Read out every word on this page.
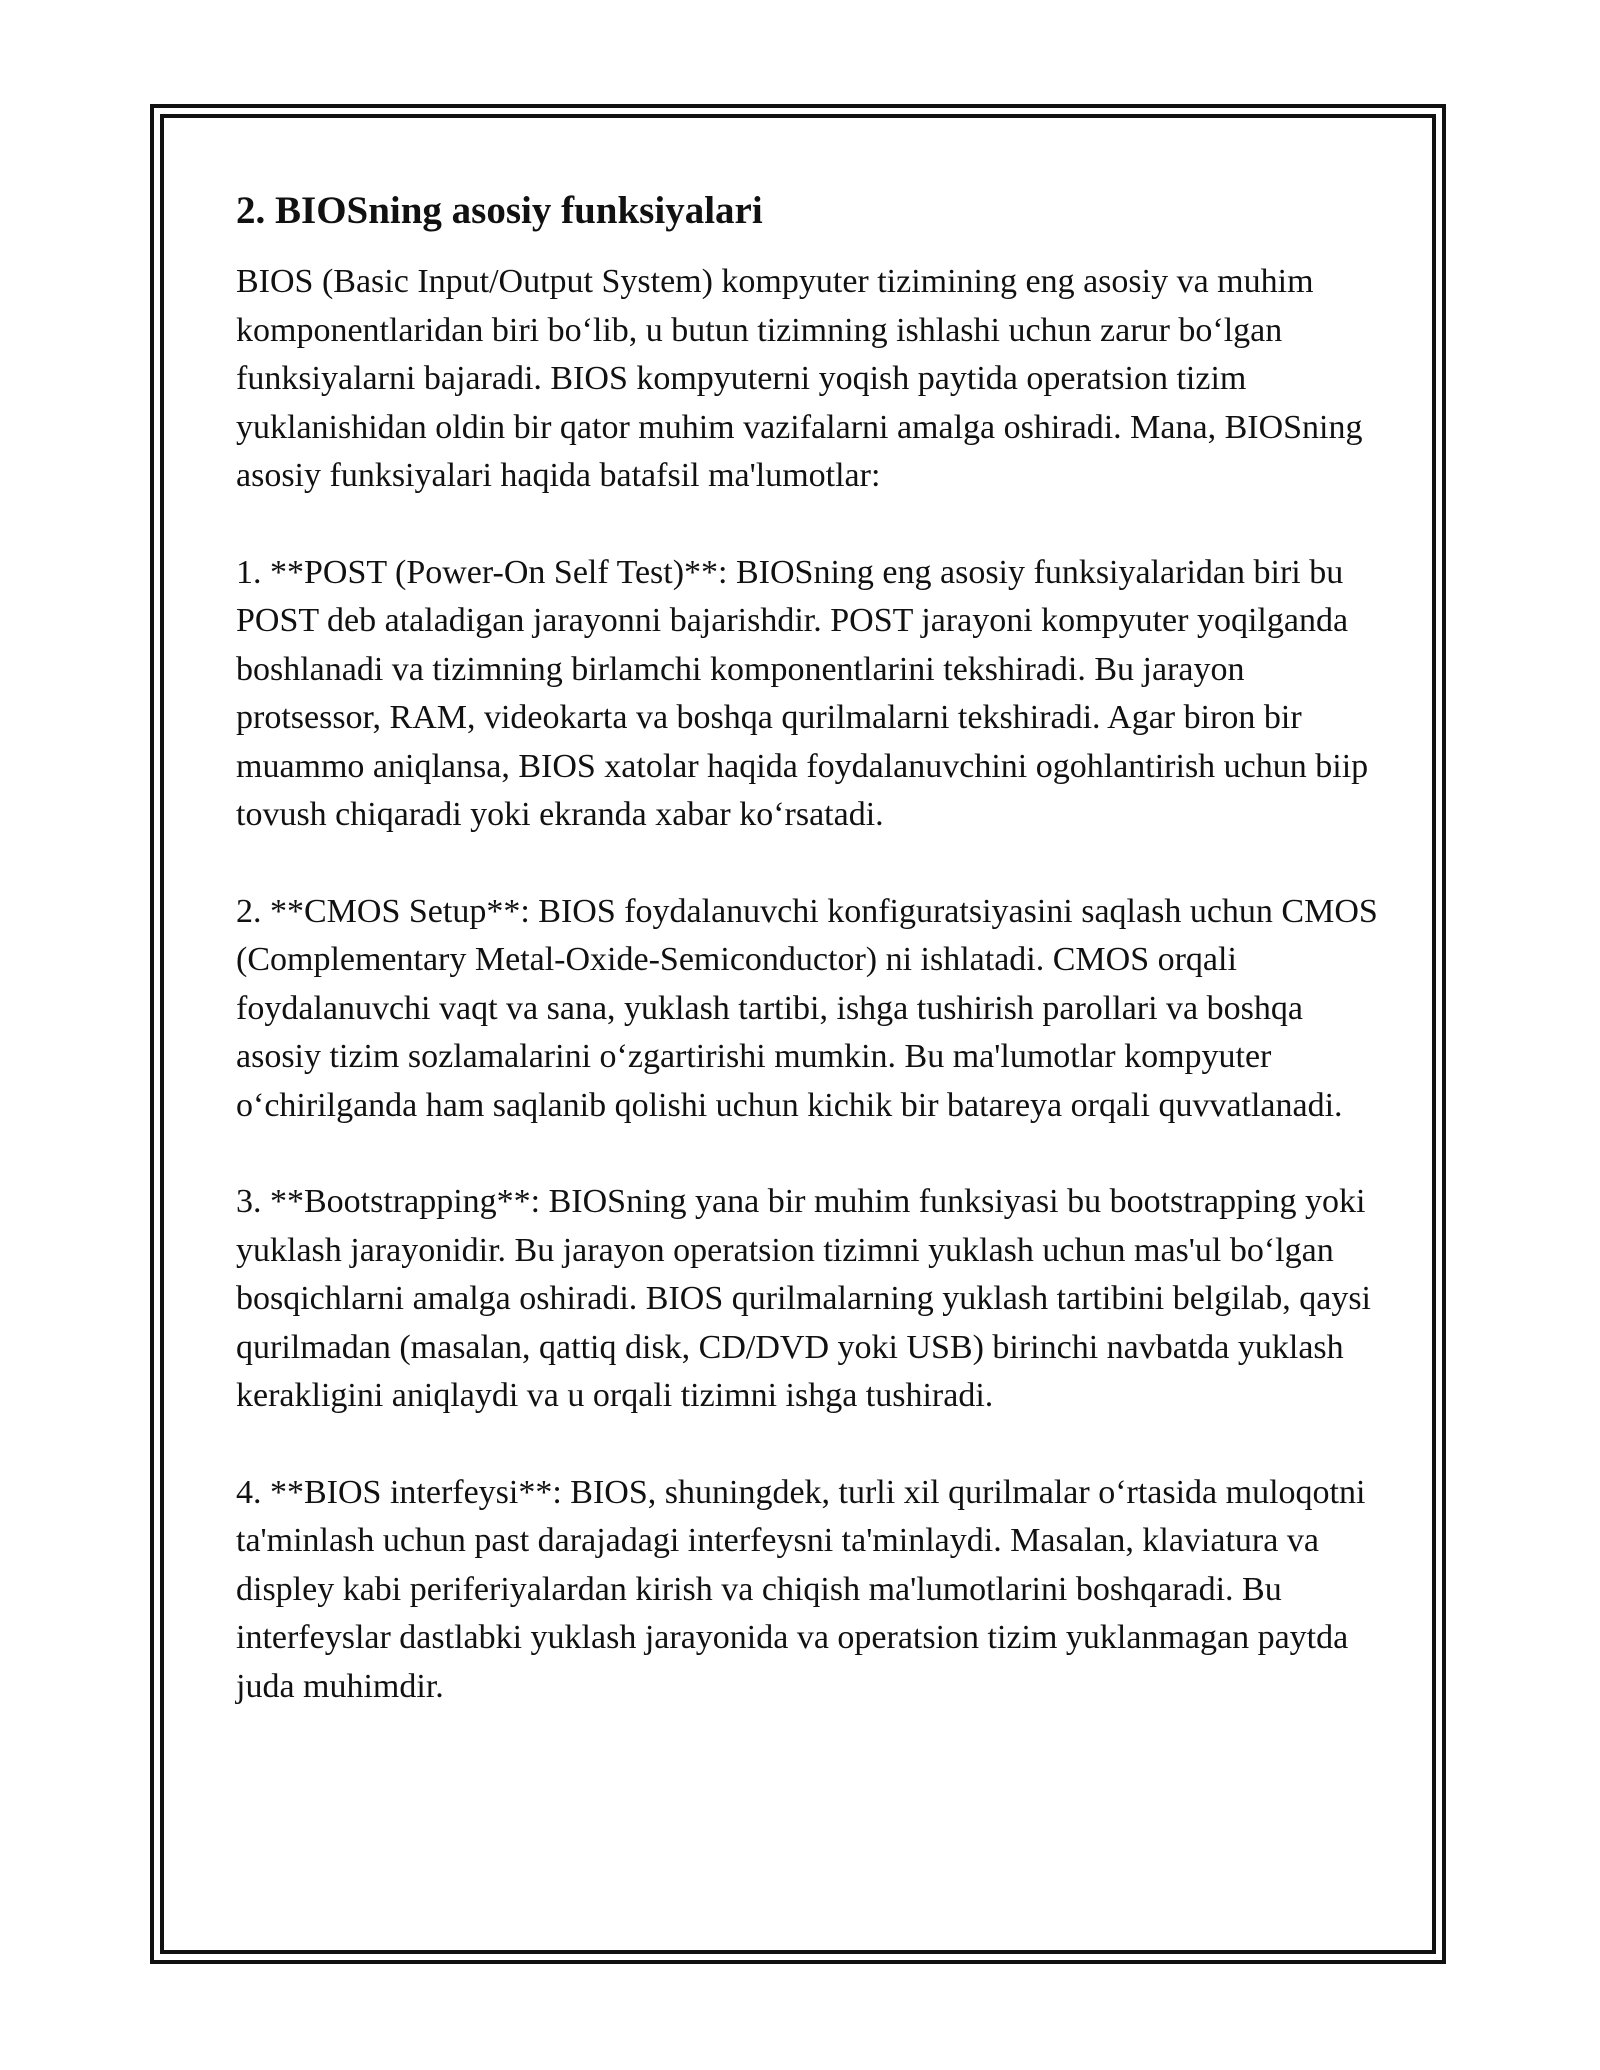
2. BIOSning asosiy funksiyalari

BIOS (Basic Input/Output System) kompyuter tizimining eng asosiy va muhim komponentlaridan biri boʻlib, u butun tizimning ishlashi uchun zarur boʻlgan funksiyalarni bajaradi. BIOS kompyuterni yoqish paytida operatsion tizim yuklanishidan oldin bir qator muhim vazifalarni amalga oshiradi. Mana, BIOSning asosiy funksiyalari haqida batafsil ma'lumotlar:

1. **POST (Power-On Self Test)**: BIOSning eng asosiy funksiyalaridan biri bu POST deb ataladigan jarayonni bajarishdir. POST jarayoni kompyuter yoqilganda boshlanadi va tizimning birlamchi komponentlarini tekshiradi. Bu jarayon protsessor, RAM, videokarta va boshqa qurilmalarni tekshiradi. Agar biron bir muammo aniqlansa, BIOS xatolar haqida foydalanuvchini ogohlantirish uchun biip tovush chiqaradi yoki ekranda xabar koʻrsatadi.

2. **CMOS Setup**: BIOS foydalanuvchi konfiguratsiyasini saqlash uchun CMOS (Complementary Metal-Oxide-Semiconductor) ni ishlatadi. CMOS orqali foydalanuvchi vaqt va sana, yuklash tartibi, ishga tushirish parollari va boshqa asosiy tizim sozlamalarini oʻzgartirishi mumkin. Bu ma'lumotlar kompyuter oʻchirilganda ham saqlanib qolishi uchun kichik bir batareya orqali quvvatlanadi.

3. **Bootstrapping**: BIOSning yana bir muhim funksiyasi bu bootstrapping yoki yuklash jarayonidir. Bu jarayon operatsion tizimni yuklash uchun mas'ul boʻlgan bosqichlarni amalga oshiradi. BIOS qurilmalarning yuklash tartibini belgilab, qaysi qurilmadan (masalan, qattiq disk, CD/DVD yoki USB) birinchi navbatda yuklash kerakligini aniqlaydi va u orqali tizimni ishga tushiradi.

4. **BIOS interfeysi**: BIOS, shuningdek, turli xil qurilmalar oʻrtasida muloqotni ta'minlash uchun past darajadagi interfeysni ta'minlaydi. Masalan, klaviatura va displey kabi periferiyalardan kirish va chiqish ma'lumotlarini boshqaradi. Bu interfeyslar dastlabki yuklash jarayonida va operatsion tizim yuklanmagan paytda juda muhimdir.
